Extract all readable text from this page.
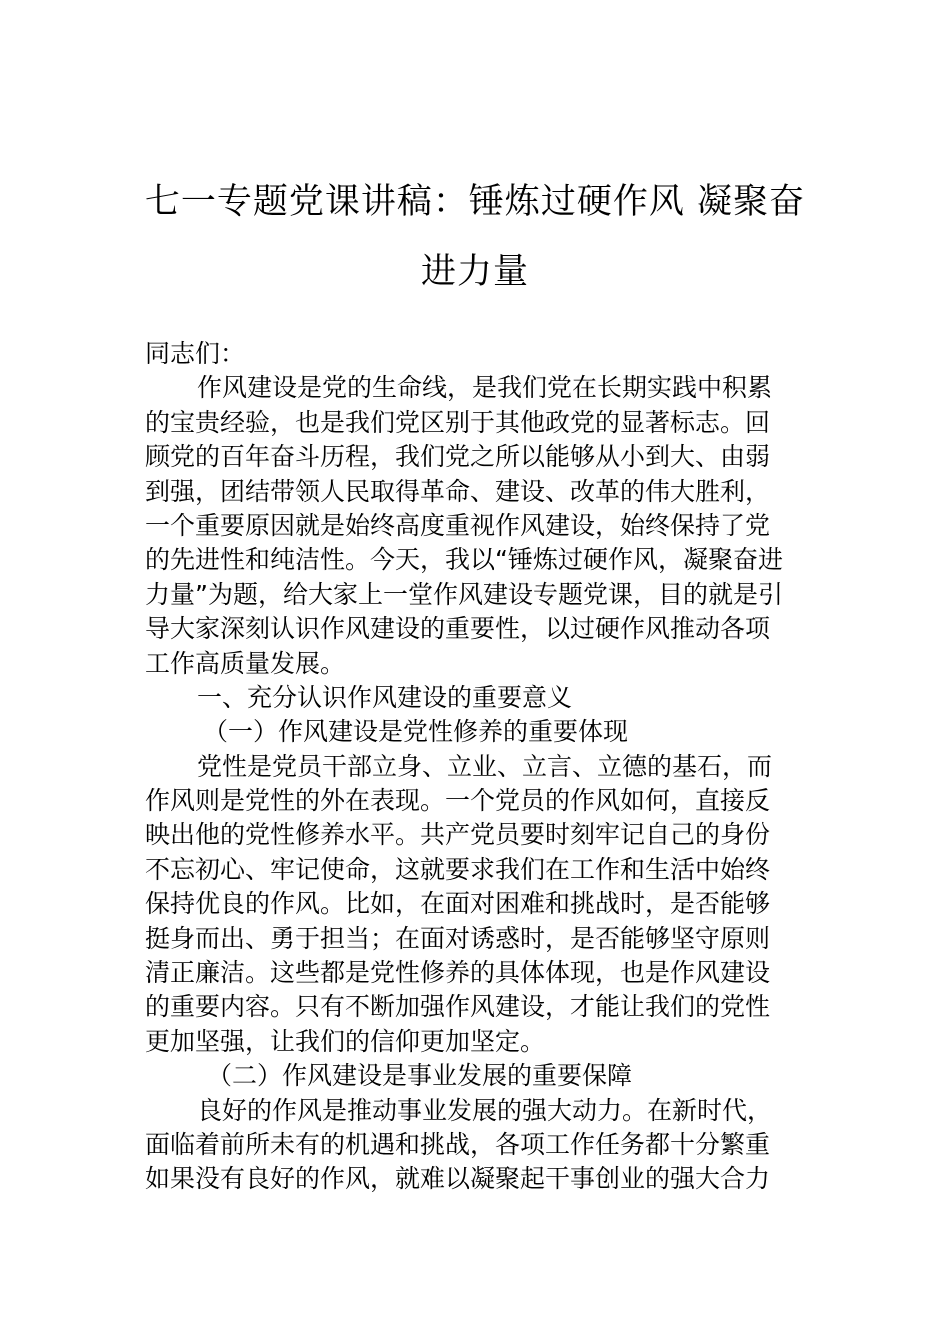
七一专题党课讲稿：锤炼过硬作风 凝聚奋
进力量
同志们：
作风建设是党的生命线，是我们党在长期实践中积累
的宝贵经验，也是我们党区别于其他政党的显著标志。回
顾党的百年奋斗历程，我们党之所以能够从小到大、由弱
到强，团结带领人民取得革命、建设、改革的伟大胜利，
一个重要原因就是始终高度重视作风建设，始终保持了党
的先进性和纯洁性。今天，我以“锤炼过硬作风，凝聚奋进
力量”为题，给大家上一堂作风建设专题党课，目的就是引
导大家深刻认识作风建设的重要性，以过硬作风推动各项
工作高质量发展。
一、充分认识作风建设的重要意义
（一）作风建设是党性修养的重要体现
党性是党员干部立身、立业、立言、立德的基石，而
作风则是党性的外在表现。一个党员的作风如何，直接反
映出他的党性修养水平。共产党员要时刻牢记自己的身份
不忘初心、牢记使命，这就要求我们在工作和生活中始终
保持优良的作风。比如，在面对困难和挑战时，是否能够
挺身而出、勇于担当；在面对诱惑时，是否能够坚守原则
清正廉洁。这些都是党性修养的具体体现，也是作风建设
的重要内容。只有不断加强作风建设，才能让我们的党性
更加坚强，让我们的信仰更加坚定。
（二）作风建设是事业发展的重要保障
良好的作风是推动事业发展的强大动力。在新时代，
面临着前所未有的机遇和挑战，各项工作任务都十分繁重
如果没有良好的作风，就难以凝聚起干事创业的强大合力
